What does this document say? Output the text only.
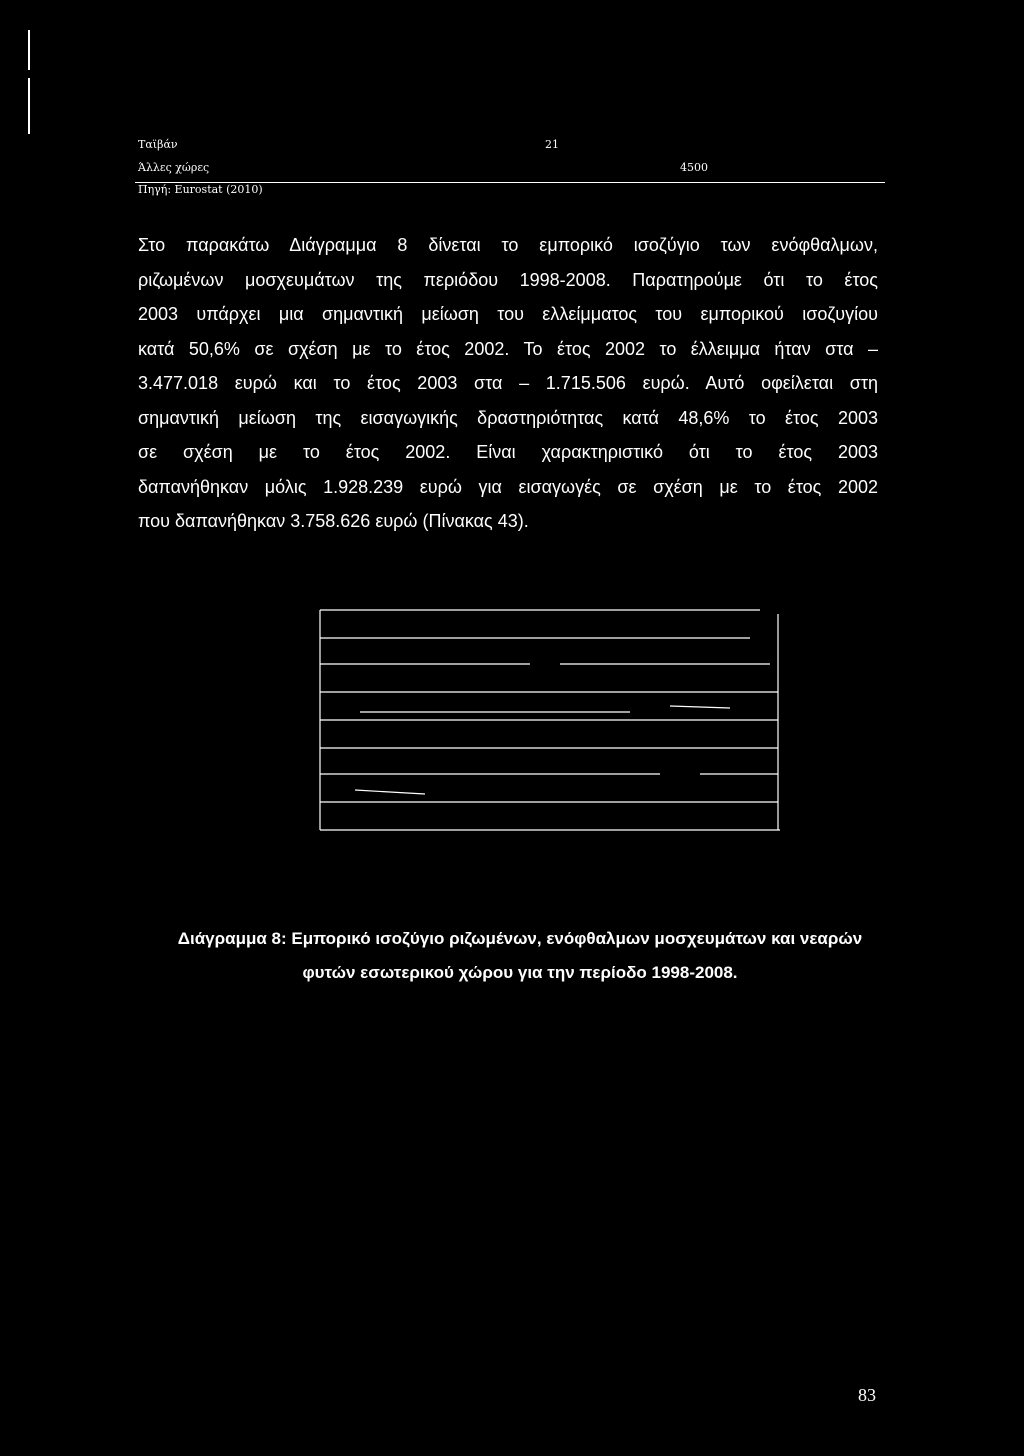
Ταϊβάν	21
Άλλες χώρες	4500
Πηγή: Eurostat (2010)
Στο παρακάτω Διάγραμμα 8 δίνεται το εμπορικό ισοζύγιο των ενόφθαλμων,
ριζωμένων μοσχευμάτων της περιόδου 1998-2008. Παρατηρούμε ότι το έτος
2003 υπάρχει μια σημαντική μείωση του ελλείμματος του εμπορικού ισοζυγίου
κατά 50,6% σε σχέση με το έτος 2002. Το έτος 2002 το έλλειμμα ήταν στα –
3.477.018 ευρώ και το έτος 2003 στα – 1.715.506 ευρώ. Αυτό οφείλεται στη
σημαντική μείωση της εισαγωγικής δραστηριότητας κατά 48,6% το έτος 2003
σε σχέση με το έτος 2002. Είναι χαρακτηριστικό ότι το έτος 2003
δαπανήθηκαν μόλις 1.928.239 ευρώ για εισαγωγές σε σχέση με το έτος 2002
που δαπανήθηκαν 3.758.626 ευρώ (Πίνακας 43).
Διάγραμμα 8: Εμπορικό ισοζύγιο ριζωμένων, ενόφθαλμων μοσχευμάτων και νεαρών
φυτών εσωτερικού χώρου για την περίοδο 1998-2008.
83
